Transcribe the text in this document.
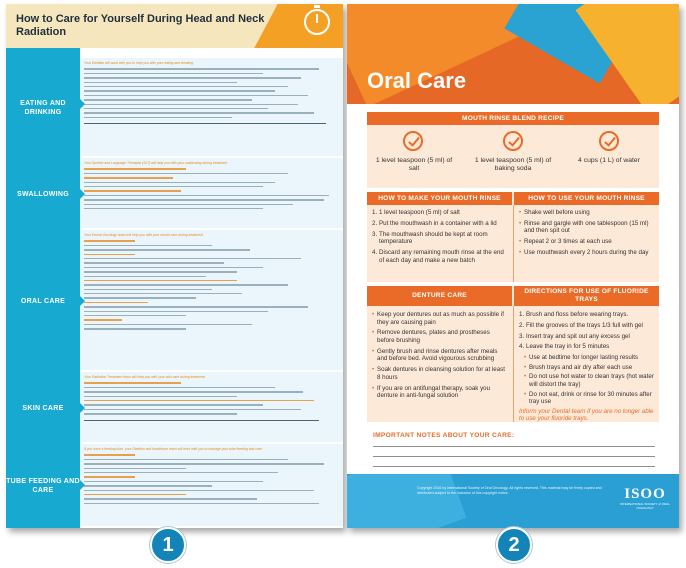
How to Care for Yourself During Head and Neck Radiation
EATING AND DRINKING
Your Dietitian will work with you to help you with your eating and drinking
SWALLOWING
Your Speech and Language Therapist (SLT) will help you with your swallowing during treatment
ORAL CARE
Your Dental Oncology team will help you with your mouth care during treatment
SKIN CARE
Your Radiation Treatment team will help you with your skin care during treatment
TUBE FEEDING AND CARE
If you have a feeding tube, your Dietitian and healthcare team will work with you to manage your tube feeding and care
1
Oral Care
MOUTH RINSE BLEND RECIPE
1 level teaspoon (5 ml) of salt
1 level teaspoon (5 ml) of baking soda
4 cups (1 L) of water
HOW TO MAKE YOUR MOUTH RINSE	HOW TO USE YOUR MOUTH RINSE
1 level teaspoon (5 ml) of salt
Put the mouthwash in a container with a lid
The mouthwash should be kept at room temperature
Discard any remaining mouth rinse at the end of each day and make a new batch
• Shake well before using
• Rinse and gargle with one tablespoon (15 ml) and then spit out
• Repeat 2 or 3 times at each use
• Use mouthwash every 2 hours during the day
DENTURE CARE
DIRECTIONS FOR USE OF FLUORIDE TRAYS
• Keep your dentures out as much as possible if they are causing pain
• Remove dentures, plates and prostheses before brushing
• Gently brush and rinse dentures after meals and before bed. Avoid vigourous scrubbing
• Soak dentures in cleansing solution for at least 8 hours
• If you are on antifungal therapy, soak you denture in anti-fungal solution
Brush and floss before wearing trays.
Fill the grooves of the trays 1/3 full with gel
Insert tray and spit out any excess gel
Leave the tray in for 5 minutes
• Use at bedtime for longer lasting results
• Brush trays and air dry after each use
• Do not use hot water to clean trays (hot water will distort the tray)
• Do not eat, drink or rinse for 30 minutes after tray use
Inform your Dental team if you are no longer able to use your fluoride trays.
IMPORTANT NOTES ABOUT YOUR CARE:
Copyright 2016 by International Society of Oral Oncology. All rights reserved. This material may be freely copied and distributed subject to the inclusion of this copyright notice.	ISOO
INTERNATIONAL SOCIETY of ORAL ONCOLOGY
2
